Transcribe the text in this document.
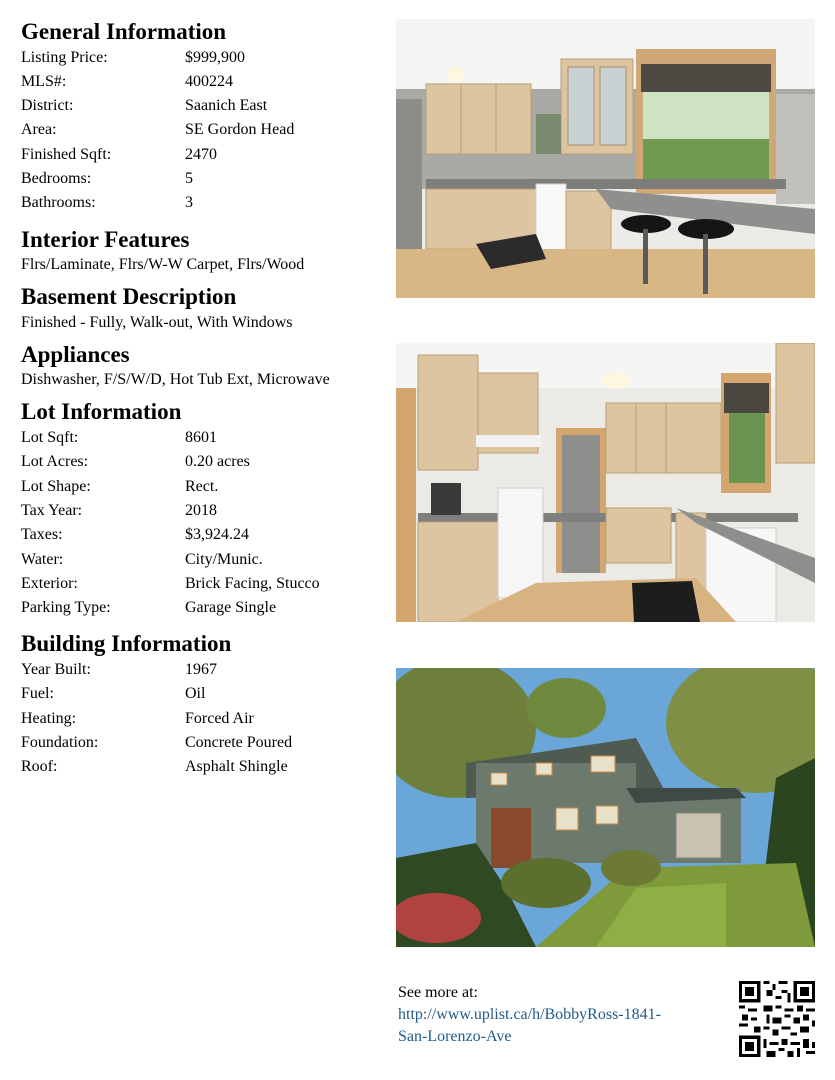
General Information
Listing Price:	$999,900
MLS#:	400224
District:	Saanich East
Area:	SE Gordon Head
Finished Sqft:	2470
Bedrooms:	5
Bathrooms:	3
Interior Features

Flrs/Laminate, Flrs/W-W Carpet, Flrs/Wood

Basement Description

Finished - Fully, Walk-out, With Windows

Appliances

Dishwasher, F/S/W/D, Hot Tub Ext, Microwave

Lot Information
Lot Sqft:	8601
Lot Acres:	0.20 acres
Lot Shape:	Rect.
Tax Year:	2018
Taxes:	$3,924.24
Water:	City/Munic.
Exterior:	Brick Facing, Stucco
Parking Type:	Garage Single
Building Information
Year Built:	1967
Fuel:	Oil
Heating:	Forced Air
Foundation:	Concrete Poured
Roof:	Asphalt Shingle
See more at:
http://www.uplist.ca/h/BobbyRoss-1841-
San-Lorenzo-Ave
